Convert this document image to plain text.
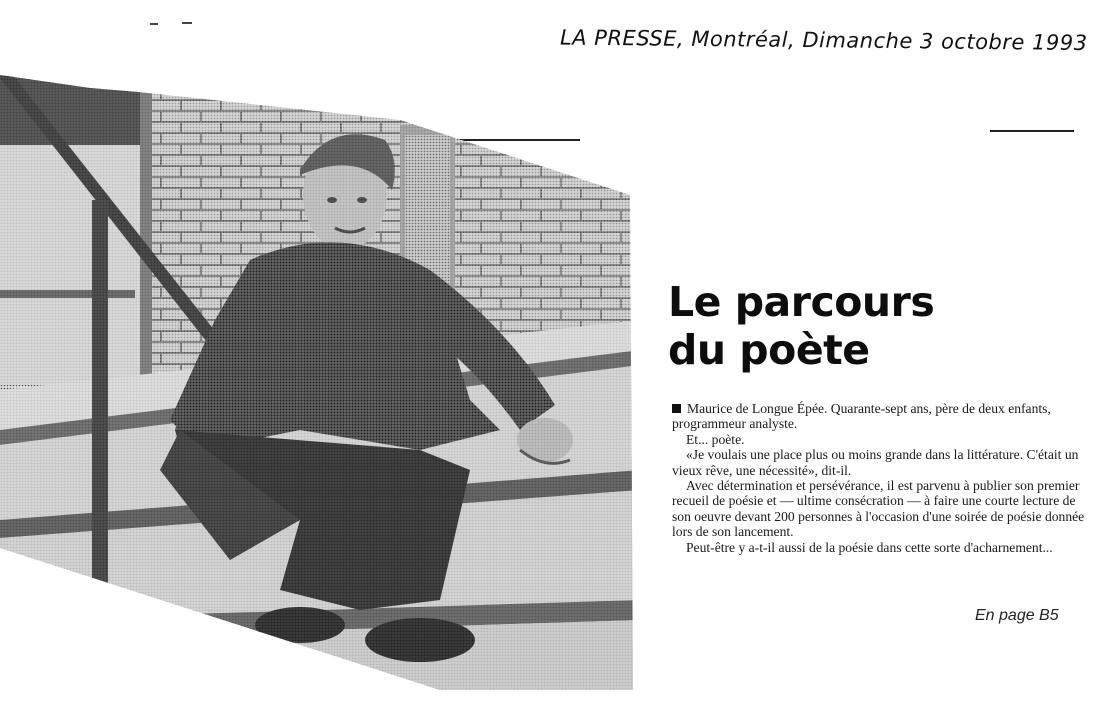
LA PRESSE, Montréal, Dimanche 3 octobre 1993
Le parcours
du poète

Maurice de Longue Épée. Quarante-sept ans, père de deux enfants, programmeur analyste.

Et... poète.

«Je voulais une place plus ou moins grande dans la littérature. C'était un vieux rêve, une nécessité», dit-il.

Avec détermination et persévérance, il est parvenu à publier son premier recueil de poésie et — ultime consécration — à faire une courte lecture de son oeuvre devant 200 personnes à l'occasion d'une soirée de poésie donnée lors de son lancement.

Peut-être y a-t-il aussi de la poésie dans cette sorte d'acharnement...

En page B5
